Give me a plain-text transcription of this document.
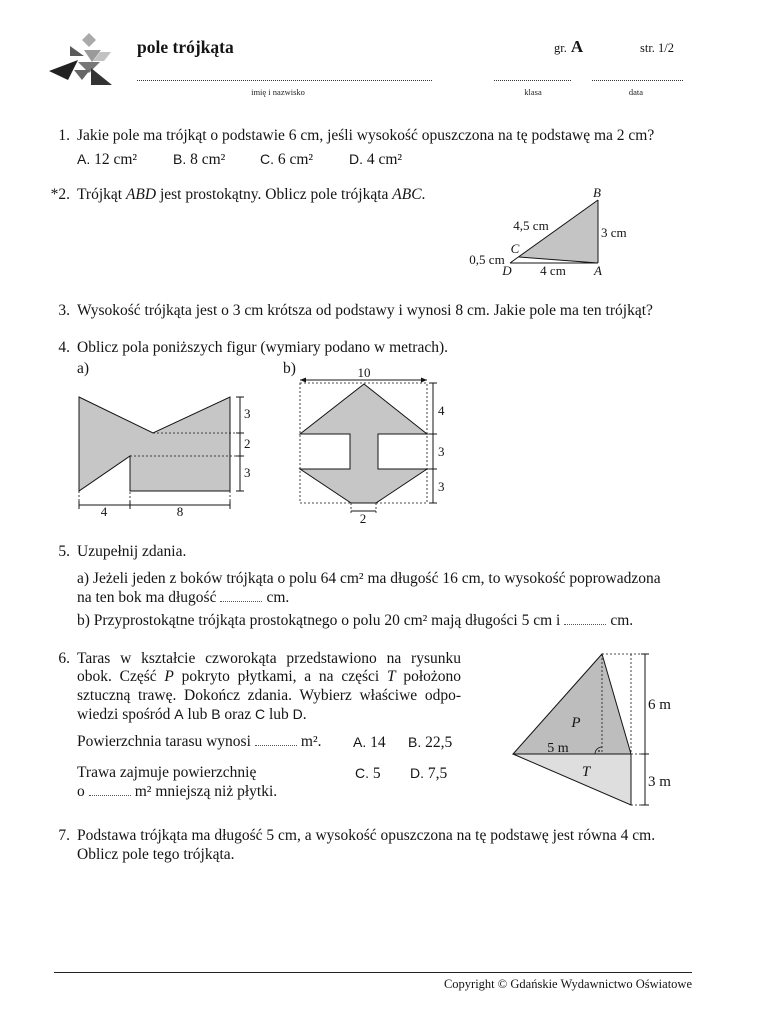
pole trójkąta	gr. A	str. 1/2
imię i nazwisko	klasa	data
1. Jakie pole ma trójkąt o podstawie 6 cm, jeśli wysokość opuszczona na tę podstawę ma 2 cm?
A. 12 cm²	B. 8 cm² C. 6 cm²	D. 4 cm²
*2. Trójkąt ABD jest prostokątny. Oblicz pole trójkąta ABC.	B
4,5 cm	3 cm
C
0,5 cm
D 4 cm A
3. Wysokość trójkąta jest o 3 cm krótsza od podstawy i wynosi 8 cm. Jakie pole ma ten trójkąt?
4. Oblicz pola poniższych figur (wymiary podano w metrach).
a)	b)
3
2
3
4	8
10
4
3
3
2
5. Uzupełnij zdania.
a) Jeżeli jeden z boków trójkąta o polu 64 cm² ma długość 16 cm, to wysokość poprowadzona
na ten bok ma długość	cm.
b) Przyprostokątne trójkąta prostokątnego o polu 20 cm² mają długości 5 cm i	cm.
6. Taras w kształcie czworokąta przedstawiono na rysunku
obok. Część P pokryto płytkami, a na części T położono
sztuczną trawę. Dokończ zdania. Wybierz właściwe odpo-
wiedzi spośród A lub B oraz C lub D.
Powierzchnia tarasu wynosi	m². A. 14 B. 22,5
Trawa zajmuje powierzchnię	C. 5 D. 7,5
o	m² mniejszą niż płytki.
P
5 m
T
6 m
3 m
7. Podstawa trójkąta ma długość 5 cm, a wysokość opuszczona na tę podstawę jest równa 4 cm.
Oblicz pole tego trójkąta.
Copyright © Gdańskie Wydawnictwo Oświatowe
